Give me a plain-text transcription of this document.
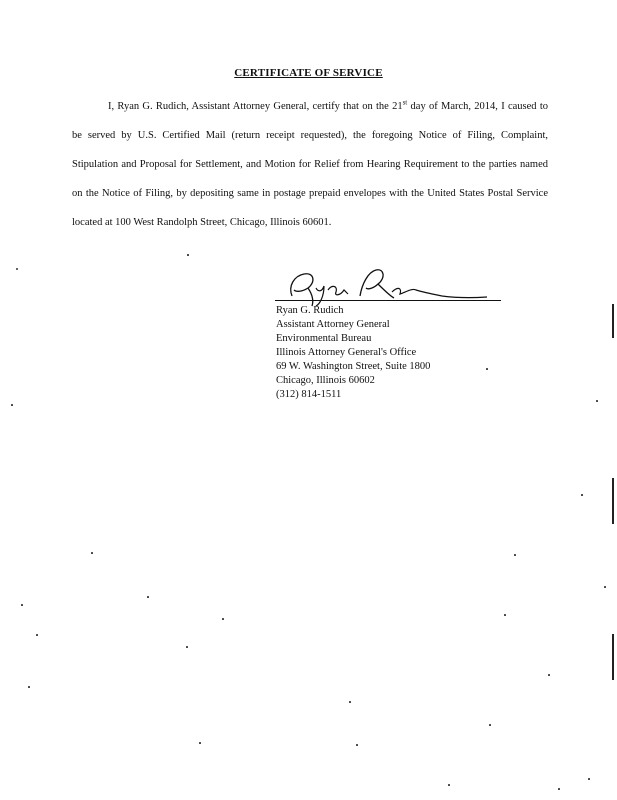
CERTIFICATE OF SERVICE

I, Ryan G. Rudich, Assistant Attorney General, certify that on the 21st day of March, 2014, I caused to be served by U.S. Certified Mail (return receipt requested), the foregoing Notice of Filing, Complaint, Stipulation and Proposal for Settlement, and Motion for Relief from Hearing Requirement to the parties named on the Notice of Filing, by depositing same in postage prepaid envelopes with the United States Postal Service located at 100 West Randolph Street, Chicago, Illinois 60601.

Ryan G. Rudich
Assistant Attorney General
Environmental Bureau
Illinois Attorney General's Office
69 W. Washington Street, Suite 1800
Chicago, Illinois 60602
(312) 814-1511
